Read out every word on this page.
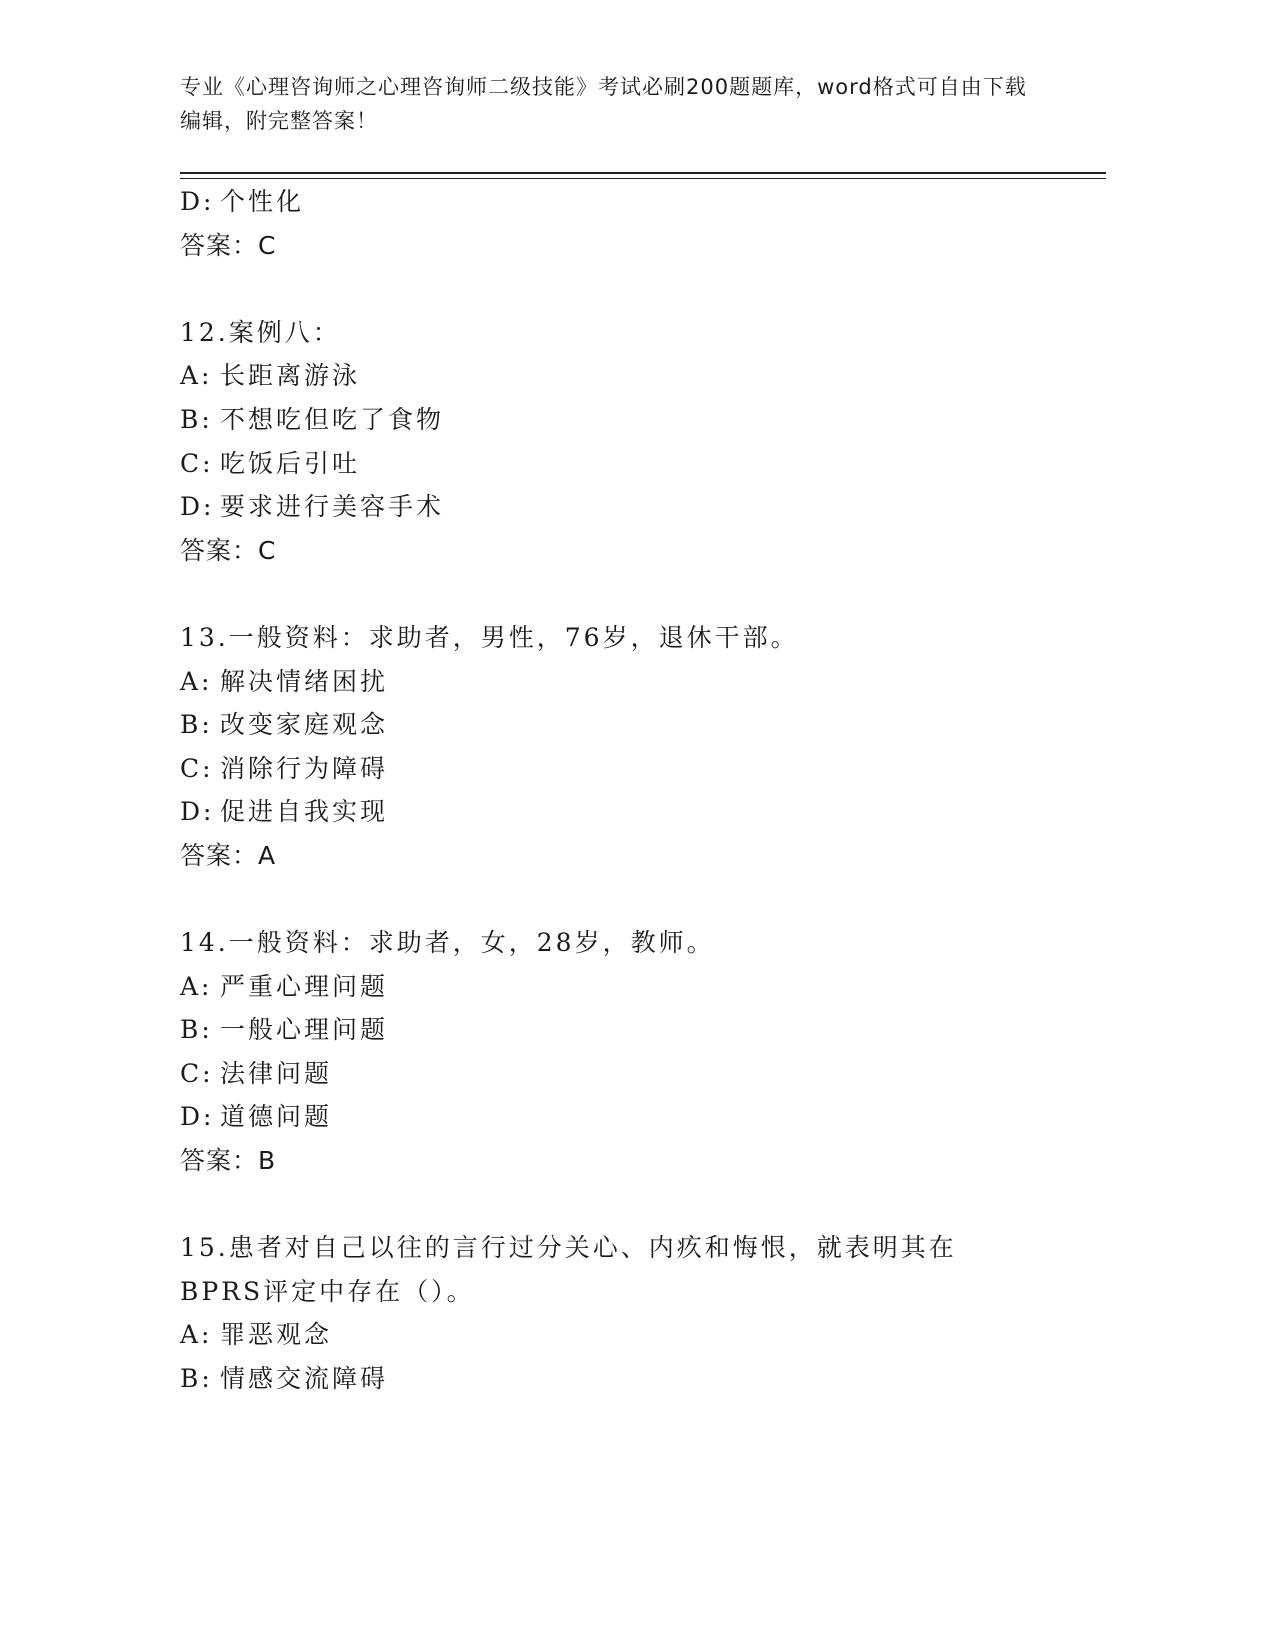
专业《心理咨询师之心理咨询师二级技能》考试必刷200题题库，word格式可自由下载编辑，附完整答案！

D: 个性化
答案：C
12.案例八：
A: 长距离游泳
B: 不想吃但吃了食物
C: 吃饭后引吐
D: 要求进行美容手术
答案：C
13.一般资料：求助者，男性，76岁，退休干部。
A: 解决情绪困扰
B: 改变家庭观念
C: 消除行为障碍
D: 促进自我实现
答案：A
14.一般资料：求助者，女，28岁，教师。
A: 严重心理问题
B: 一般心理问题
C: 法律问题
D: 道德问题
答案：B
15.患者对自己以往的言行过分关心、内疚和悔恨，就表明其在BPRS评定中存在（）。
A: 罪恶观念
B: 情感交流障碍
